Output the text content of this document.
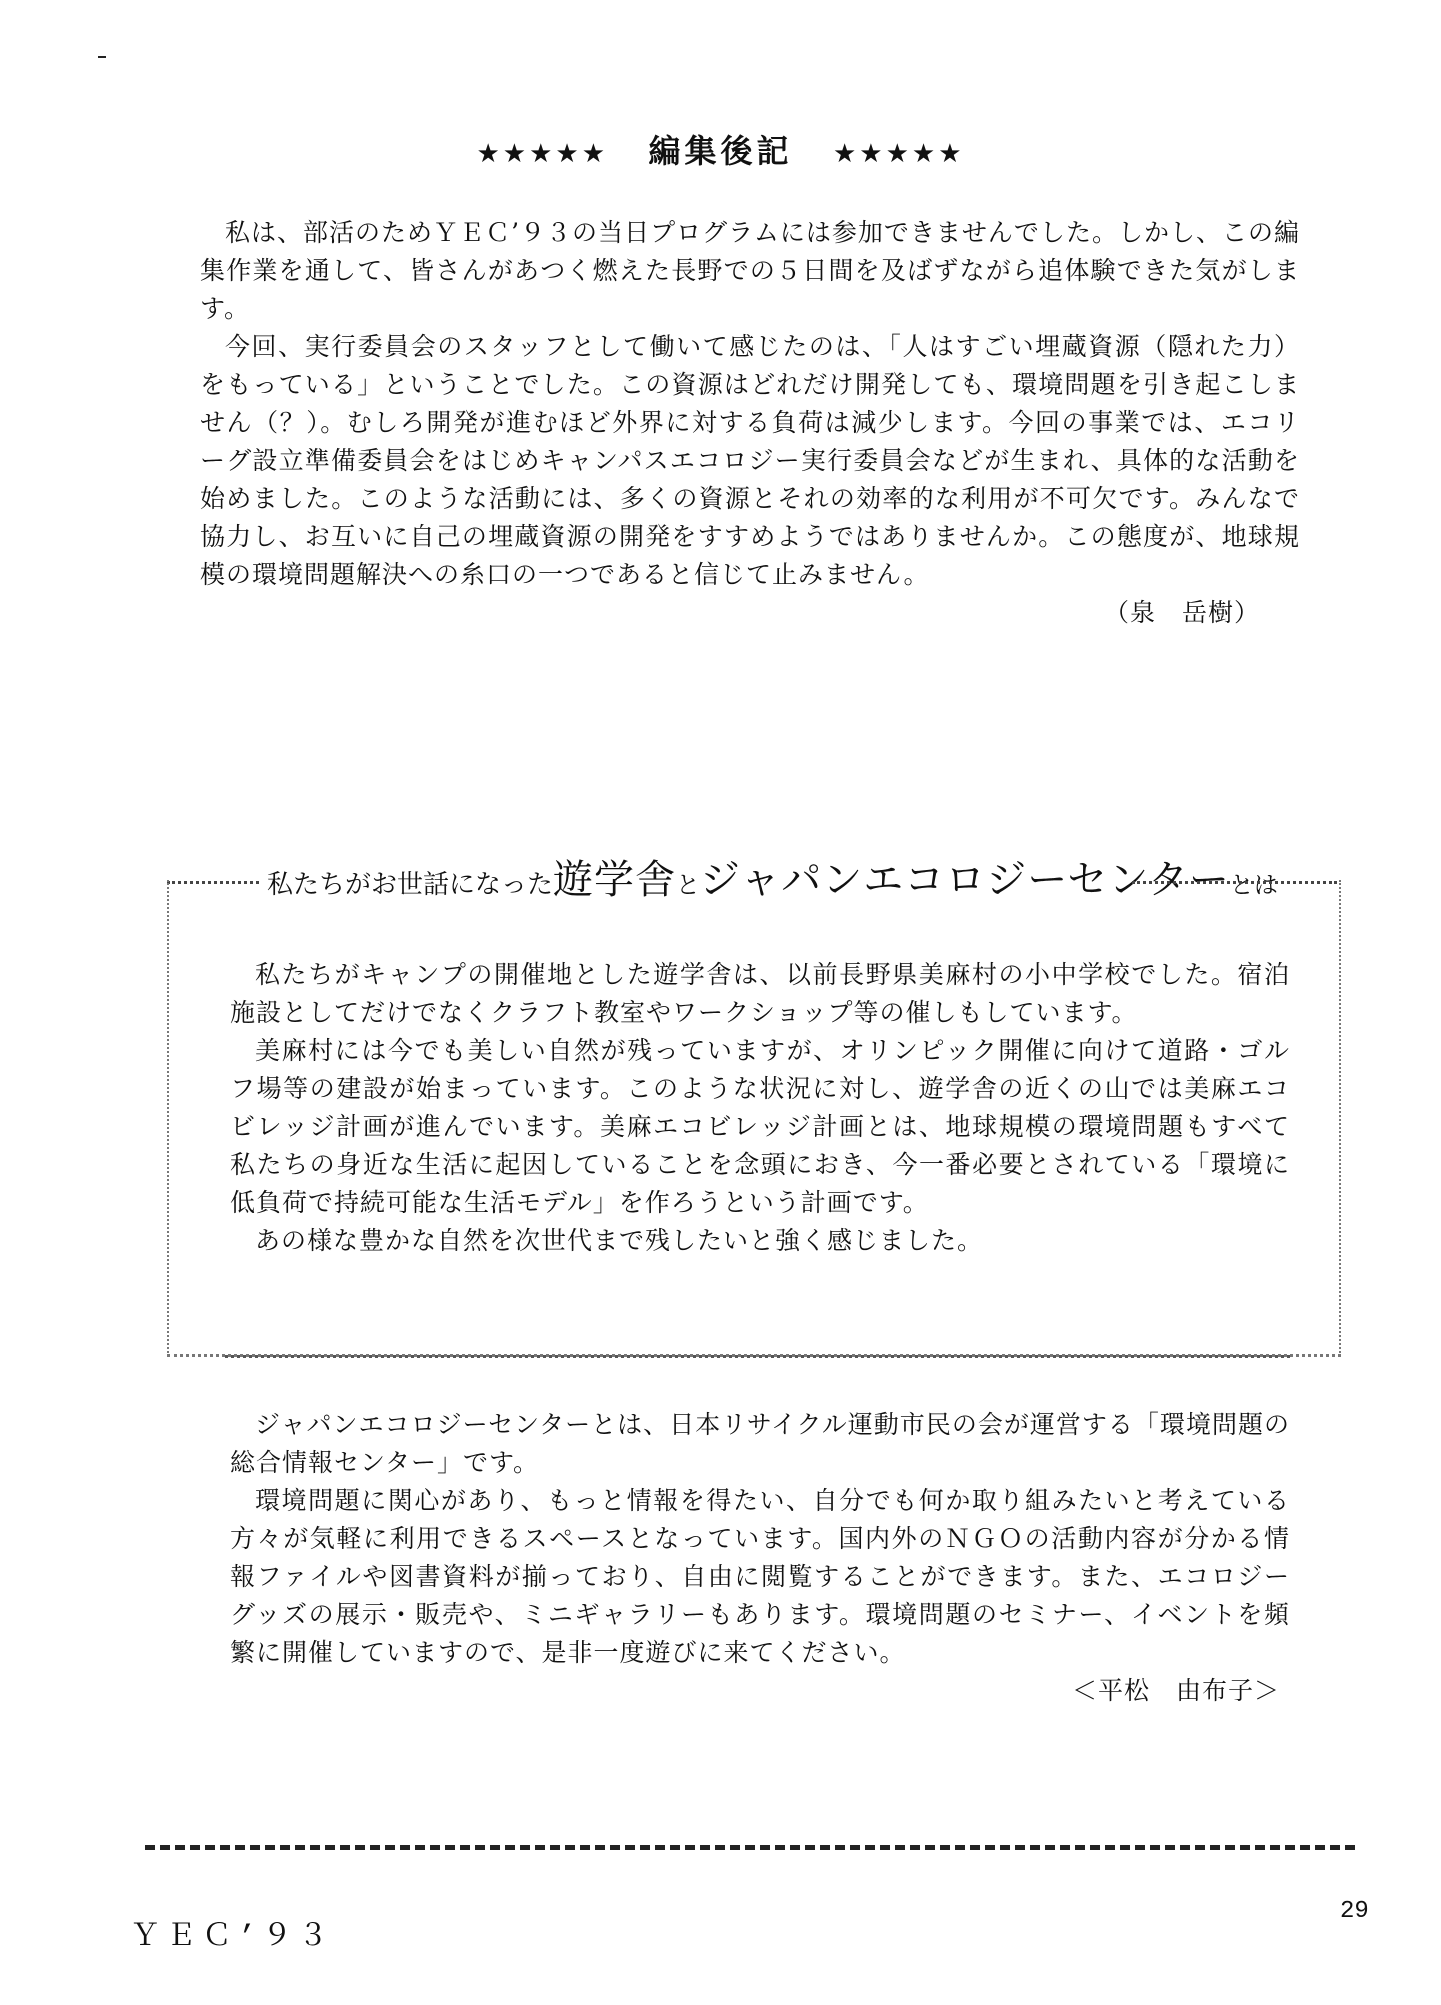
★★★★★ 編集後記 ★★★★★

私は、部活のためＹＥＣ’９３の当日プログラムには参加できませんでした。しかし、この編集作業を通して、皆さんがあつく燃えた長野での５日間を及ばずながら追体験できた気がします。

今回、実行委員会のスタッフとして働いて感じたのは、「人はすごい埋蔵資源（隠れた力）をもっている」ということでした。この資源はどれだけ開発しても、環境問題を引き起こしません（？）。むしろ開発が進むほど外界に対する負荷は減少します。今回の事業では、エコリーグ設立準備委員会をはじめキャンパスエコロジー実行委員会などが生まれ、具体的な活動を始めました。このような活動には、多くの資源とそれの効率的な利用が不可欠です。みんなで協力し、お互いに自己の埋蔵資源の開発をすすめようではありませんか。この態度が、地球規模の環境問題解決への糸口の一つであると信じて止みません。

（泉　岳樹）
私たちがお世話になった遊学舎とジャパンエコロジーセンターとは

私たちがキャンプの開催地とした遊学舎は、以前長野県美麻村の小中学校でした。宿泊施設としてだけでなくクラフト教室やワークショップ等の催しもしています。

美麻村には今でも美しい自然が残っていますが、オリンピック開催に向けて道路・ゴルフ場等の建設が始まっています。このような状況に対し、遊学舎の近くの山では美麻エコビレッジ計画が進んでいます。美麻エコビレッジ計画とは、地球規模の環境問題もすべて私たちの身近な生活に起因していることを念頭におき、今一番必要とされている「環境に低負荷で持続可能な生活モデル」を作ろうという計画です。

あの様な豊かな自然を次世代まで残したいと強く感じました。

ジャパンエコロジーセンターとは、日本リサイクル運動市民の会が運営する「環境問題の総合情報センター」です。

環境問題に関心があり、もっと情報を得たい、自分でも何か取り組みたいと考えている方々が気軽に利用できるスペースとなっています。国内外のＮＧＯの活動内容が分かる情報ファイルや図書資料が揃っており、自由に閲覧することができます。また、エコロジーグッズの展示・販売や、ミニギャラリーもあります。環境問題のセミナー、イベントを頻繁に開催していますので、是非一度遊びに来てください。

＜平松　由布子＞
ＹＥＣ’９３
29
